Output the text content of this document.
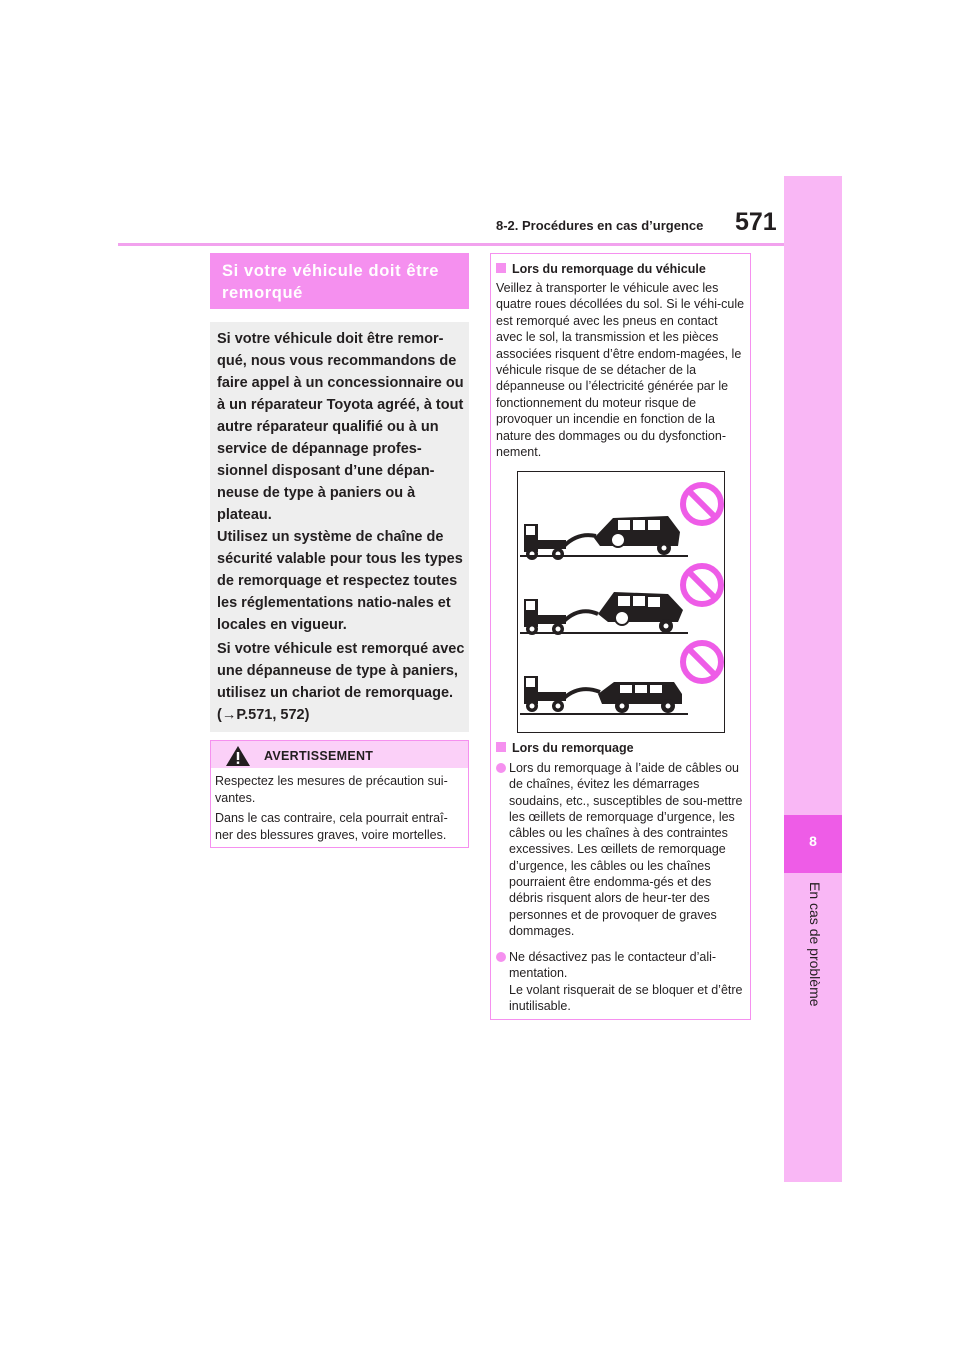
8-2. Procédures en cas d’urgence 571
8
En cas de problème
Si votre véhicule doit être remorqué

Si votre véhicule doit être remor-qué, nous vous recommandons de faire appel à un concessionnaire ou à un réparateur Toyota agréé, à tout autre réparateur qualifié ou à un service de dépannage profes-sionnel disposant d’une dépan-neuse de type à paniers ou à plateau.

Utilisez un système de chaîne de sécurité valable pour tous les types de remorquage et respectez toutes les réglementations natio-nales et locales en vigueur.

Si votre véhicule est remorqué avec une dépanneuse de type à paniers, utilisez un chariot de remorquage. (→P.571, 572)

AVERTISSEMENT

Respectez les mesures de précaution sui-vantes.

Dans le cas contraire, cela pourrait entraî-ner des blessures graves, voire mortelles.

Lors du remorquage du véhicule

Veillez à transporter le véhicule avec les quatre roues décollées du sol. Si le véhi-cule est remorqué avec les pneus en contact avec le sol, la transmission et les pièces associées risquent d’être endom-magées, le véhicule risque de se détacher de la dépanneuse ou l’électricité générée par le fonctionnement du moteur risque de provoquer un incendie en fonction de la nature des dommages ou du dysfonction-nement.

Lors du remorquage

Lors du remorquage à l’aide de câbles ou de chaînes, évitez les démarrages soudains, etc., susceptibles de sou-mettre les œillets de remorquage d’urgence, les câbles ou les chaînes à des contraintes excessives. Les œillets de remorquage d’urgence, les câbles ou les chaînes pourraient être endomma-gés et des débris risquent alors de heur-ter des personnes et de provoquer de graves dommages.

Ne désactivez pas le contacteur d’ali-mentation.
Le volant risquerait de se bloquer et d’être inutilisable.
